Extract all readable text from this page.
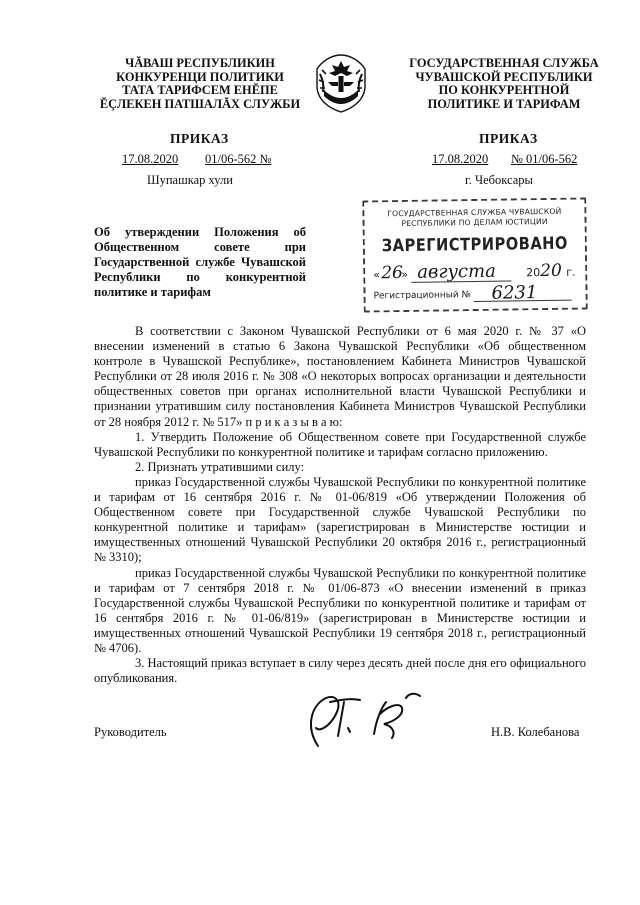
ЧĂВАШ РЕСПУБЛИКИН
КОНКУРЕНЦИ ПОЛИТИКИ
ТАТА ТАРИФСЕМ ЕНĔПЕ
ĔÇЛЕКЕН ПАТШАЛĂХ СЛУЖБИ
ГОСУДАРСТВЕННАЯ СЛУЖБА
ЧУВАШСКОЙ РЕСПУБЛИКИ
ПО КОНКУРЕНТНОЙ
ПОЛИТИКЕ И ТАРИФАМ
ПРИКАЗ	ПРИКАЗ
17.08.2020 01/06-562 №
Шупашкар хули
17.08.2020 № 01/06-562
г. Чебоксары
Об утверждении Положения об
Общественном совете при
Государственной службе Чувашской
Республики по конкурентной
политике и тарифам
ГОСУДАРСТВЕННАЯ СЛУЖБА ЧУВАШСКОЙ
РЕСПУБЛИКИ ПО ДЕЛАМ ЮСТИЦИИ
ЗАРЕГИСТРИРОВАНО
« 26
» августа	20 20 г.
Регистрационный № 6231

В соответствии с Законом Чувашской Республики от 6 мая 2020 г. № 37 «О внесении изменений в статью 6 Закона Чувашской Республики «Об общественном контроле в Чувашской Республике», постановлением Кабинета Министров Чувашской Республики от 28 июля 2016 г. № 308 «О некоторых вопросах организации и деятельности общественных советов при органах исполнительной власти Чувашской Республики и признании утратившим силу постановления Кабинета Министров Чувашской Республики от 28 ноября 2012 г. № 517» п р и к а з ы в а ю:

1. Утвердить Положение об Общественном совете при Государственной службе Чувашской Республики по конкурентной политике и тарифам согласно приложению.

2. Признать утратившими силу:

приказ Государственной службы Чувашской Республики по конкурентной политике и тарифам от 16 сентября 2016 г. № 01-06/819 «Об утверждении Положения об Общественном совете при Государственной службе Чувашской Республики по конкурентной политике и тарифам» (зарегистрирован в Министерстве юстиции и имущественных отношений Чувашской Республики 20 октября 2016 г., регистрационный № 3310);

приказ Государственной службы Чувашской Республики по конкурентной политике и тарифам от 7 сентября 2018 г. № 01/06-873 «О внесении изменений в приказ Государственной службы Чувашской Республики по конкурентной политике и тарифам от 16 сентября 2016 г. № 01-06/819» (зарегистрирован в Министерстве юстиции и имущественных отношений Чувашской Республики 19 сентября 2018 г., регистрационный № 4706).

3. Настоящий приказ вступает в силу через десять дней после дня его официального опубликования.

Руководитель	Н.В. Колебанова
